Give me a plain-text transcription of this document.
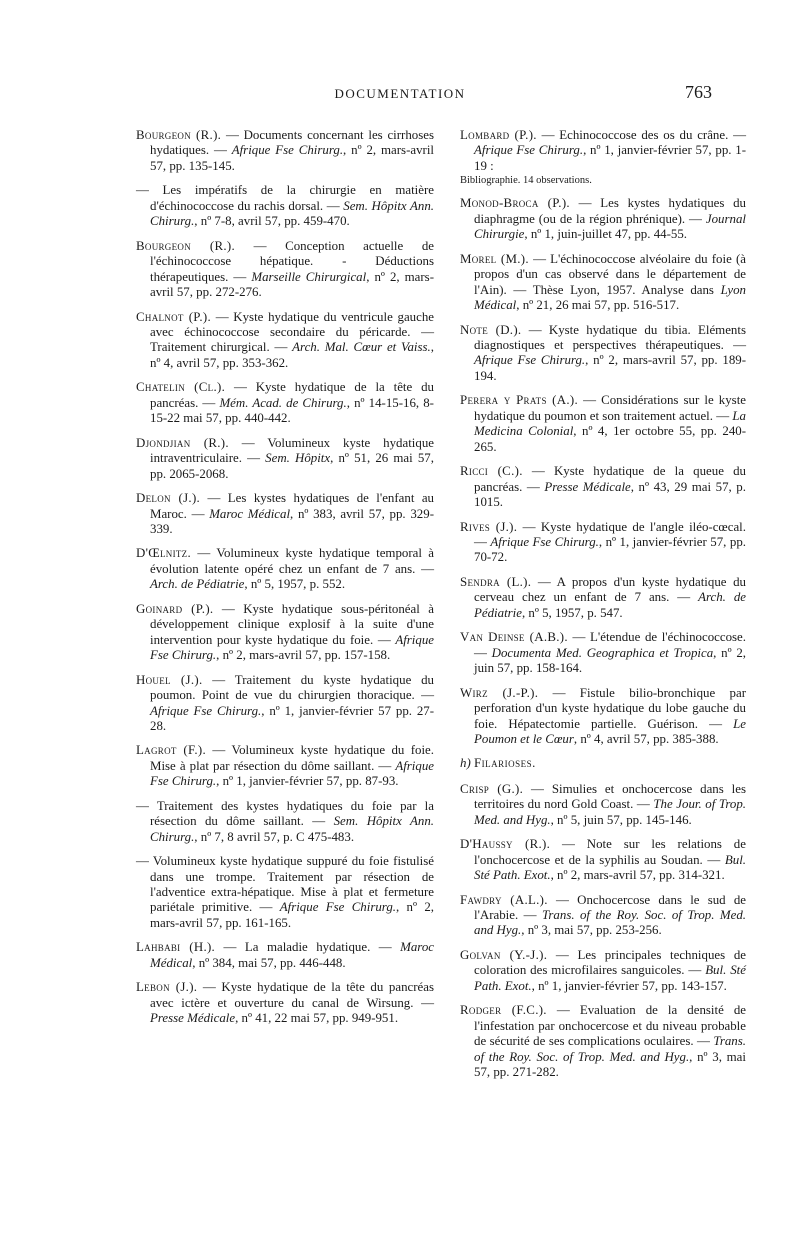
DOCUMENTATION	763
Bourgeon (R.). — Documents concernant les cirrhoses hydatiques. — Afrique Fse Chirurg., nº 2, mars-avril 57, pp. 135-145.
— Les impératifs de la chirurgie en matière d'échinococcose du rachis dorsal. — Sem. Hôpitx Ann. Chirurg., nº 7-8, avril 57, pp. 459-470.
Bourgeon (R.). — Conception actuelle de l'échinococcose hépatique. - Déductions thérapeutiques. — Marseille Chirurgical, nº 2, mars-avril 57, pp. 272-276.
Chalnot (P.). — Kyste hydatique du ventricule gauche avec échinococcose secondaire du péricarde. — Traitement chirurgical. — Arch. Mal. Cœur et Vaiss., nº 4, avril 57, pp. 353-362.
Chatelin (Cl.). — Kyste hydatique de la tête du pancréas. — Mém. Acad. de Chirurg., nº 14-15-16, 8-15-22 mai 57, pp. 440-442.
Djondjian (R.). — Volumineux kyste hydatique intraventriculaire. — Sem. Hôpitx, nº 51, 26 mai 57, pp. 2065-2068.
Delon (J.). — Les kystes hydatiques de l'enfant au Maroc. — Maroc Médical, nº 383, avril 57, pp. 329-339.
D'Œlnitz. — Volumineux kyste hydatique temporal à évolution latente opéré chez un enfant de 7 ans. — Arch. de Pédiatrie, nº 5, 1957, p. 552.
Goinard (P.). — Kyste hydatique sous-péritonéal à développement clinique explosif à la suite d'une intervention pour kyste hydatique du foie. — Afrique Fse Chirurg., nº 2, mars-avril 57, pp. 157-158.
Houel (J.). — Traitement du kyste hydatique du poumon. Point de vue du chirurgien thoracique. — Afrique Fse Chirurg., nº 1, janvier-février 57 pp. 27-28.
Lagrot (F.). — Volumineux kyste hydatique du foie. Mise à plat par résection du dôme saillant. — Afrique Fse Chirurg., nº 1, janvier-février 57, pp. 87-93.
— Traitement des kystes hydatiques du foie par la résection du dôme saillant. — Sem. Hôpitx Ann. Chirurg., nº 7, 8 avril 57, p. C 475-483.
— Volumineux kyste hydatique suppuré du foie fistulisé dans une trompe. Traitement par résection de l'adventice extra-hépatique. Mise à plat et fermeture pariétale primitive. — Afrique Fse Chirurg., nº 2, mars-avril 57, pp. 161-165.
Lahbabi (H.). — La maladie hydatique. — Maroc Médical, nº 384, mai 57, pp. 446-448.
Lebon (J.). — Kyste hydatique de la tête du pancréas avec ictère et ouverture du canal de Wirsung. — Presse Médicale, nº 41, 22 mai 57, pp. 949-951.
Lombard (P.). — Echinococcose des os du crâne. — Afrique Fse Chirurg., nº 1, janvier-février 57, pp. 1-19 :
Bibliographie. 14 observations.
Monod-Broca (P.). — Les kystes hydatiques du diaphragme (ou de la région phrénique). — Journal Chirurgie, nº 1, juin-juillet 47, pp. 44-55.
Morel (M.). — L'échinococcose alvéolaire du foie (à propos d'un cas observé dans le département de l'Ain). — Thèse Lyon, 1957. Analyse dans Lyon Médical, nº 21, 26 mai 57, pp. 516-517.
Note (D.). — Kyste hydatique du tibia. Eléments diagnostiques et perspectives thérapeutiques. — Afrique Fse Chirurg., nº 2, mars-avril 57, pp. 189-194.
Perera y Prats (A.). — Considérations sur le kyste hydatique du poumon et son traitement actuel. — La Medicina Colonial, nº 4, 1er octobre 55, pp. 240-265.
Ricci (C.). — Kyste hydatique de la queue du pancréas. — Presse Médicale, nº 43, 29 mai 57, p. 1015.
Rives (J.). — Kyste hydatique de l'angle iléo-cœcal. — Afrique Fse Chirurg., nº 1, janvier-février 57, pp. 70-72.
Sendra (L.). — A propos d'un kyste hydatique du cerveau chez un enfant de 7 ans. — Arch. de Pédiatrie, nº 5, 1957, p. 547.
Van Deinse (A.B.). — L'étendue de l'échinococcose. — Documenta Med. Geographica et Tropica, nº 2, juin 57, pp. 158-164.
Wirz (J.-P.). — Fistule bilio-bronchique par perforation d'un kyste hydatique du lobe gauche du foie. Hépatectomie partielle. Guérison. — Le Poumon et le Cœur, nº 4, avril 57, pp. 385-388.
h) Filarioses.
Crisp (G.). — Simulies et onchocercose dans les territoires du nord Gold Coast. — The Jour. of Trop. Med. and Hyg., nº 5, juin 57, pp. 145-146.
D'Haussy (R.). — Note sur les relations de l'onchocercose et de la syphilis au Soudan. — Bul. Sté Path. Exot., nº 2, mars-avril 57, pp. 314-321.
Fawdry (A.L.). — Onchocercose dans le sud de l'Arabie. — Trans. of the Roy. Soc. of Trop. Med. and Hyg., nº 3, mai 57, pp. 253-256.
Golvan (Y.-J.). — Les principales techniques de coloration des microfilaires sanguicoles. — Bul. Sté Path. Exot., nº 1, janvier-février 57, pp. 143-157.
Rodger (F.C.). — Evaluation de la densité de l'infestation par onchocercose et du niveau probable de sécurité de ses complications oculaires. — Trans. of the Roy. Soc. of Trop. Med. and Hyg., nº 3, mai 57, pp. 271-282.
